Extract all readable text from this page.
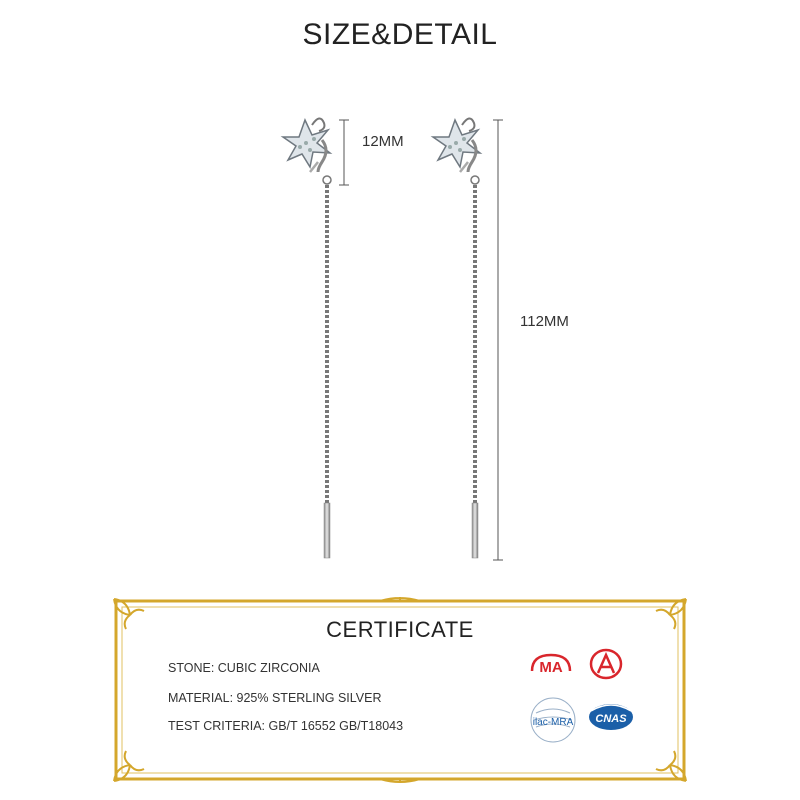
SIZE&DETAIL
12MM
112MM
CERTIFICATE
STONE: CUBIC ZIRCONIA
MATERIAL: 925% STERLING SILVER
TEST CRITERIA: GB/T 16552 GB/T18043
MA
ilac-MRA CNAS
